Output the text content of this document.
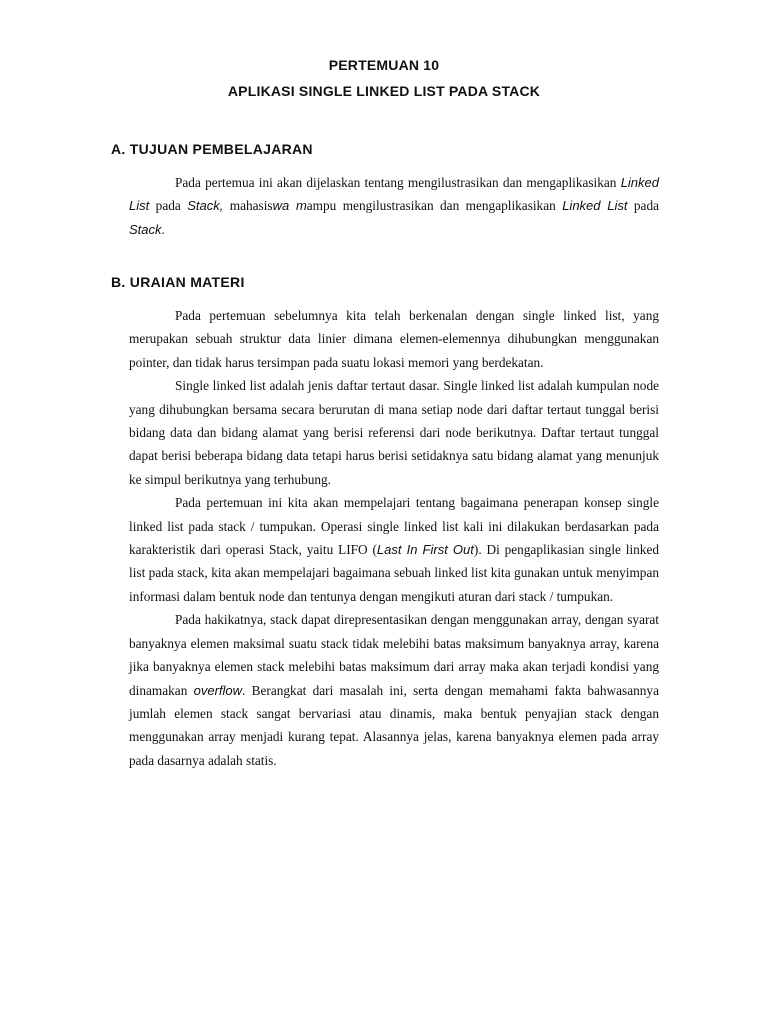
PERTEMUAN 10
APLIKASI SINGLE LINKED LIST PADA STACK
A. TUJUAN PEMBELAJARAN

Pada pertemua ini akan dijelaskan tentang mengilustrasikan dan mengaplikasikan Linked List pada Stack, mahasiswa mampu mengilustrasikan dan mengaplikasikan Linked List pada Stack.

B. URAIAN MATERI

Pada pertemuan sebelumnya kita telah berkenalan dengan single linked list, yang merupakan sebuah struktur data linier dimana elemen-elemennya dihubungkan menggunakan pointer, dan tidak harus tersimpan pada suatu lokasi memori yang berdekatan.

Single linked list adalah jenis daftar tertaut dasar. Single linked list adalah kumpulan node yang dihubungkan bersama secara berurutan di mana setiap node dari daftar tertaut tunggal berisi bidang data dan bidang alamat yang berisi referensi dari node berikutnya. Daftar tertaut tunggal dapat berisi beberapa bidang data tetapi harus berisi setidaknya satu bidang alamat yang menunjuk ke simpul berikutnya yang terhubung.

Pada pertemuan ini kita akan mempelajari tentang bagaimana penerapan konsep single linked list pada stack / tumpukan. Operasi single linked list kali ini dilakukan berdasarkan pada karakteristik dari operasi Stack, yaitu LIFO (Last In First Out). Di pengaplikasian single linked list pada stack, kita akan mempelajari bagaimana sebuah linked list kita gunakan untuk menyimpan informasi dalam bentuk node dan tentunya dengan mengikuti aturan dari stack / tumpukan.

Pada hakikatnya, stack dapat direpresentasikan dengan menggunakan array, dengan syarat banyaknya elemen maksimal suatu stack tidak melebihi batas maksimum banyaknya array, karena jika banyaknya elemen stack melebihi batas maksimum dari array maka akan terjadi kondisi yang dinamakan overflow. Berangkat dari masalah ini, serta dengan memahami fakta bahwasannya jumlah elemen stack sangat bervariasi atau dinamis, maka bentuk penyajian stack dengan menggunakan array menjadi kurang tepat. Alasannya jelas, karena banyaknya elemen pada array pada dasarnya adalah statis.
